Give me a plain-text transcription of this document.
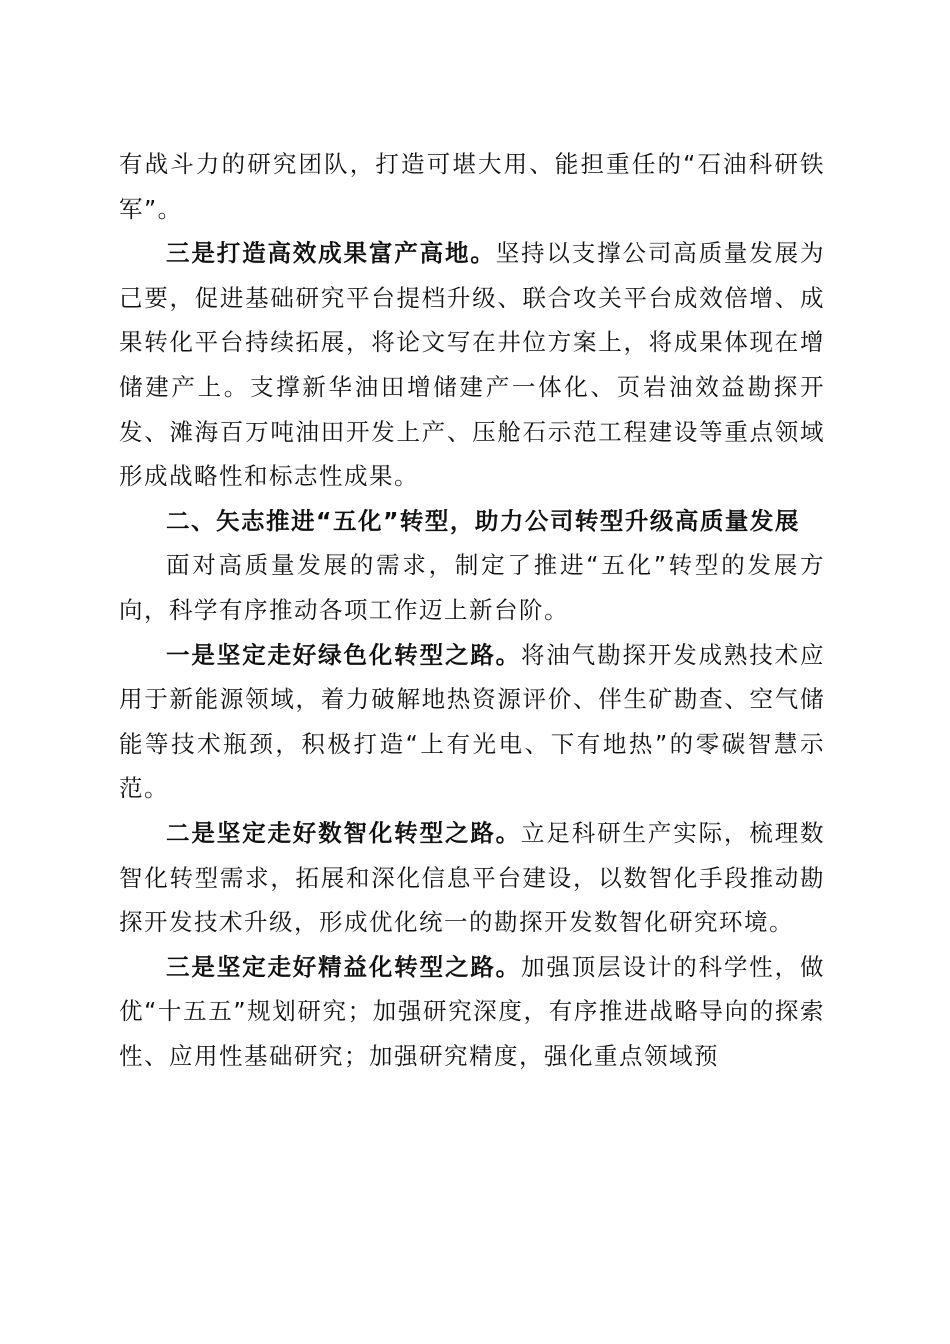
有战斗力的研究团队，打造可堪大用、能担重任的“石油科研铁军”。

三是打造高效成果富产高地。坚持以支撑公司高质量发展为己要，促进基础研究平台提档升级、联合攻关平台成效倍增、成果转化平台持续拓展，将论文写在井位方案上，将成果体现在增储建产上。支撑新华油田增储建产一体化、页岩油效益勘探开发、滩海百万吨油田开发上产、压舱石示范工程建设等重点领域形成战略性和标志性成果。

二、矢志推进“五化”转型，助力公司转型升级高质量发展

面对高质量发展的需求，制定了推进“五化”转型的发展方向，科学有序推动各项工作迈上新台阶。

一是坚定走好绿色化转型之路。将油气勘探开发成熟技术应用于新能源领域，着力破解地热资源评价、伴生矿勘查、空气储能等技术瓶颈，积极打造“上有光电、下有地热”的零碳智慧示范。

二是坚定走好数智化转型之路。立足科研生产实际，梳理数智化转型需求，拓展和深化信息平台建设，以数智化手段推动勘探开发技术升级，形成优化统一的勘探开发数智化研究环境。

三是坚定走好精益化转型之路。加强顶层设计的科学性，做优“十五五”规划研究；加强研究深度，有序推进战略导向的探索性、应用性基础研究；加强研究精度，强化重点领域预
